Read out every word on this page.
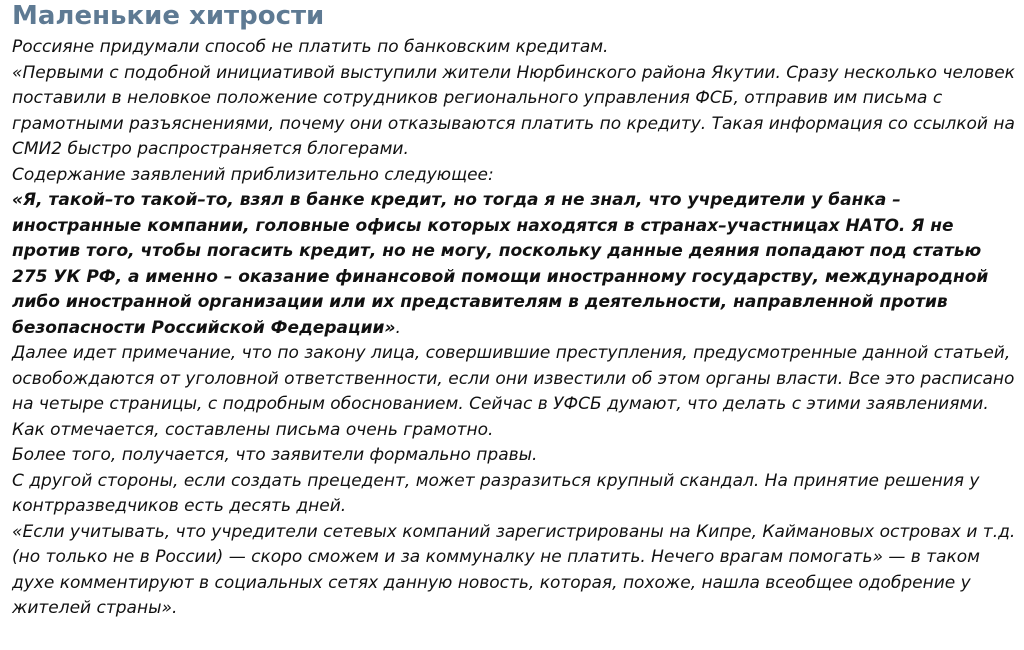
Маленькие хитрости

Россияне придумали способ не платить по банковским кредитам.

«Первыми с подобной инициативой выступили жители Нюрбинского района Якутии. Сразу несколько человек поставили в неловкое положение сотрудников регионального управления ФСБ, отправив им письма с грамотными разъяснениями, почему они отказываются платить по кредиту. Такая информация со ссылкой на СМИ2 быстро распространяется блогерами.

Содержание заявлений приблизительно следующее:

«Я, такой–то такой–то, взял в банке кредит, но тогда я не знал, что учредители у банка – иностранные компании, головные офисы которых находятся в странах–участницах НАТО. Я не против того, чтобы погасить кредит, но не могу, поскольку данные деяния попадают под статью 275 УК РФ, а именно – оказание финансовой помощи иностранному государству, международной либо иностранной организации или их представителям в деятельности, направленной против безопасности Российской Федерации».

Далее идет примечание, что по закону лица, совершившие преступления, предусмотренные данной статьей, освобождаются от уголовной ответственности, если они известили об этом органы власти. Все это расписано на четыре страницы, с подробным обоснованием. Сейчас в УФСБ думают, что делать с этими заявлениями.

Как отмечается, составлены письма очень грамотно.

Более того, получается, что заявители формально правы.

С другой стороны, если создать прецедент, может разразиться крупный скандал. На принятие решения у контрразведчиков есть десять дней.

«Если учитывать, что учредители сетевых компаний зарегистрированы на Кипре, Каймановых островах и т.д. (но только не в России) — скоро сможем и за коммуналку не платить. Нечего врагам помогать» — в таком духе комментируют в социальных сетях данную новость, которая, похоже, нашла всеобщее одобрение у жителей страны».
